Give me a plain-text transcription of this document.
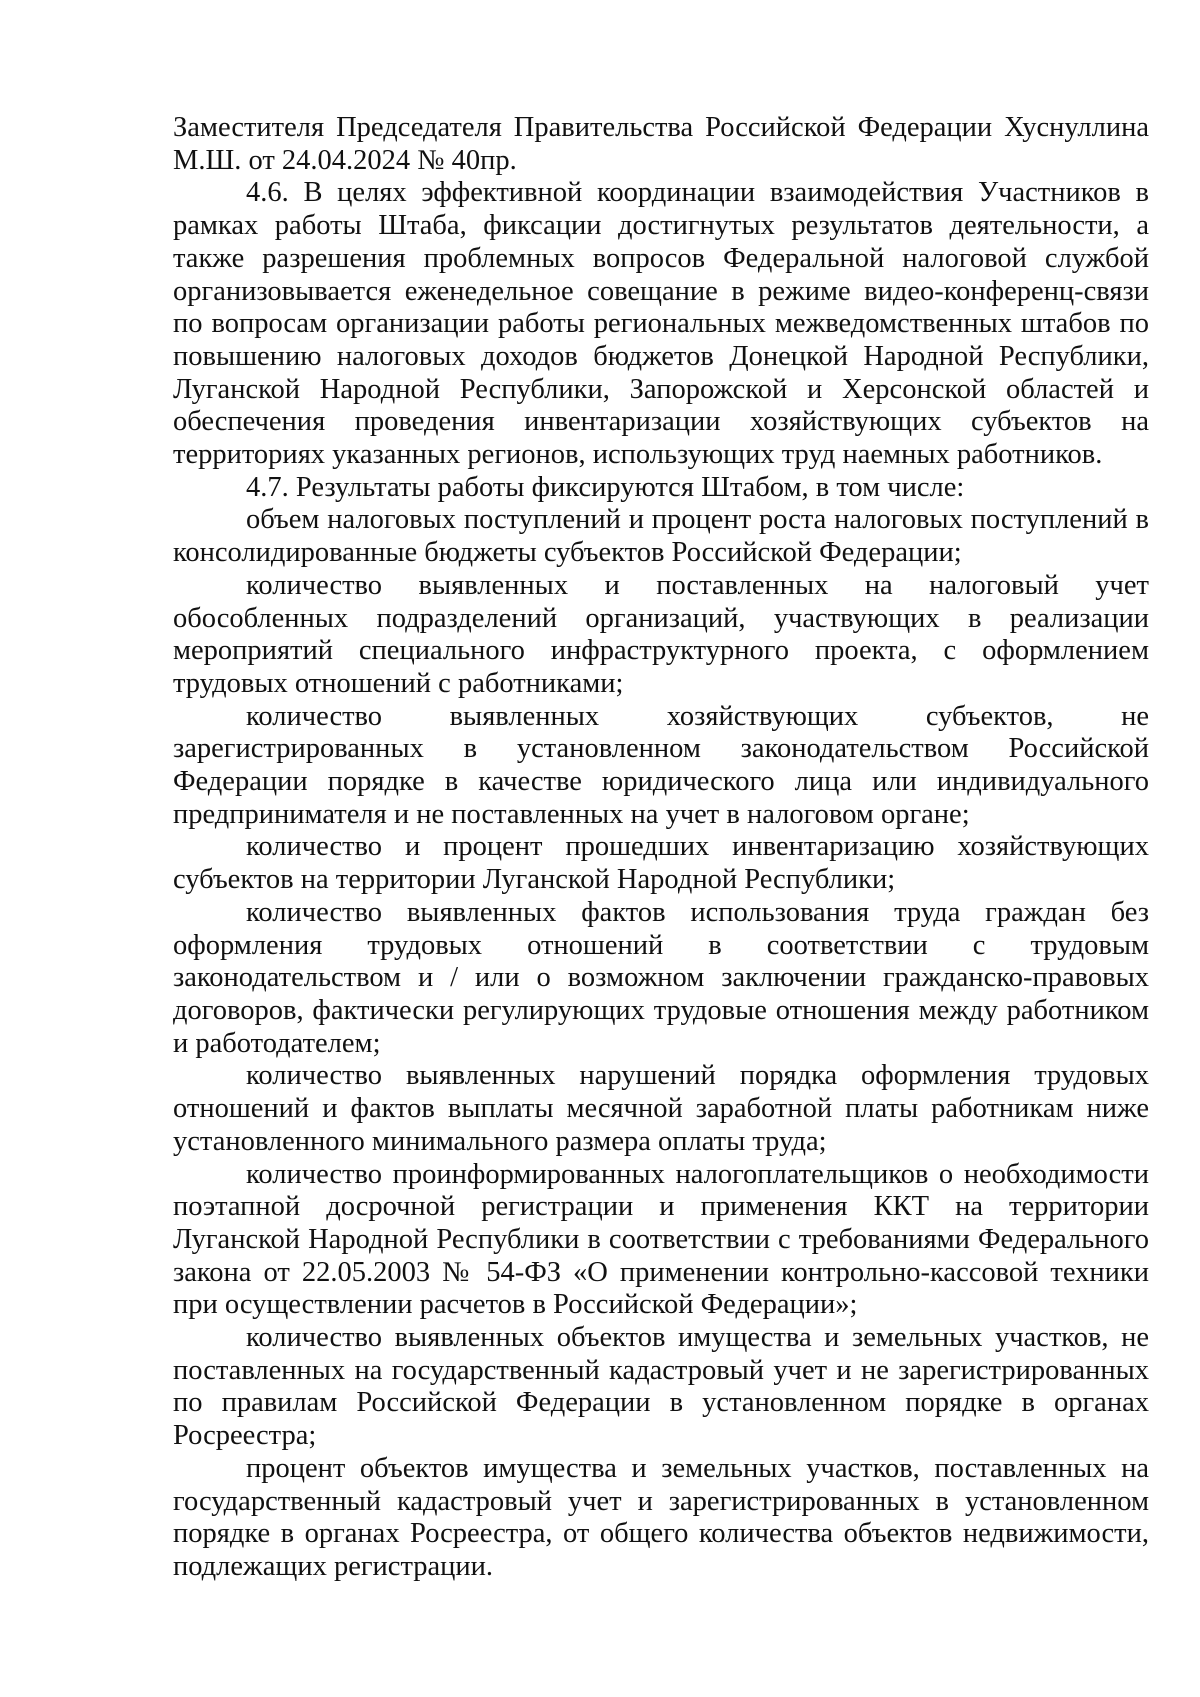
Заместителя Председателя Правительства Российской Федерации Хуснуллина М.Ш. от 24.04.2024 № 40пр.

4.6. В целях эффективной координации взаимодействия Участников в рамках работы Штаба, фиксации достигнутых результатов деятельности, а также разрешения проблемных вопросов Федеральной налоговой службой организовывается еженедельное совещание в режиме видео-конференц-связи по вопросам организации работы региональных межведомственных штабов по повышению налоговых доходов бюджетов Донецкой Народной Республики, Луганской Народной Республики, Запорожской и Херсонской областей и обеспечения проведения инвентаризации хозяйствующих субъектов на территориях указанных регионов, использующих труд наемных работников.

4.7. Результаты работы фиксируются Штабом, в том числе:

объем налоговых поступлений и процент роста налоговых поступлений в консолидированные бюджеты субъектов Российской Федерации;

количество выявленных и поставленных на налоговый учет обособленных подразделений организаций, участвующих в реализации мероприятий специального инфраструктурного проекта, с оформлением трудовых отношений с работниками;

количество выявленных хозяйствующих субъектов, не зарегистрированных в установленном законодательством Российской Федерации порядке в качестве юридического лица или индивидуального предпринимателя и не поставленных на учет в налоговом органе;

количество и процент прошедших инвентаризацию хозяйствующих субъектов на территории Луганской Народной Республики;

количество выявленных фактов использования труда граждан без оформления трудовых отношений в соответствии с трудовым законодательством и / или о возможном заключении гражданско-правовых договоров, фактически регулирующих трудовые отношения между работником и работодателем;

количество выявленных нарушений порядка оформления трудовых отношений и фактов выплаты месячной заработной платы работникам ниже установленного минимального размера оплаты труда;

количество проинформированных налогоплательщиков о необходимости поэтапной досрочной регистрации и применения ККТ на территории Луганской Народной Республики в соответствии с требованиями Федерального закона от 22.05.2003 № 54-ФЗ «О применении контрольно-кассовой техники при осуществлении расчетов в Российской Федерации»;

количество выявленных объектов имущества и земельных участков, не поставленных на государственный кадастровый учет и не зарегистрированных по правилам Российской Федерации в установленном порядке в органах Росреестра;

процент объектов имущества и земельных участков, поставленных на государственный кадастровый учет и зарегистрированных в установленном порядке в органах Росреестра, от общего количества объектов недвижимости, подлежащих регистрации.
